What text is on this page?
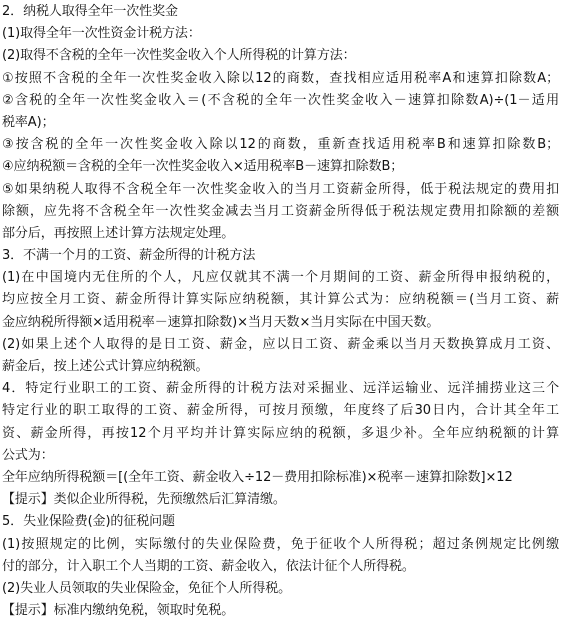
2．纳税人取得全年一次性奖金
(1)取得全年一次性资金计税方法：
(2)取得不含税的全年一次性奖金收入个人所得税的计算方法：
①按照不含税的全年一次性奖金收入除以12的商数，查找相应适用税率A和速算扣除数A；
②含税的全年一次性奖金收入＝(不含税的全年一次性奖金收入－速算扣除数A)÷(1－适用
税率A)；
③按含税的全年一次性奖金收入除以12的商数，重新查找适用税率B和速算扣除数B；
④应纳税额＝含税的全年一次性奖金收入×适用税率B－速算扣除数B；
⑤如果纳税人取得不含税全年一次性奖金收入的当月工资薪金所得，低于税法规定的费用扣
除额，应先将不含税全年一次性奖金减去当月工资薪金所得低于税法规定费用扣除额的差额
部分后，再按照上述计算方法规定处理。
3．不满一个月的工资、薪金所得的计税方法
(1)在中国境内无住所的个人，凡应仅就其不满一个月期间的工资、薪金所得申报纳税的，
均应按全月工资、薪金所得计算实际应纳税额，其计算公式为：应纳税额＝(当月工资、薪
金应纳税所得额×适用税率－速算扣除数)×当月天数×当月实际在中国天数。
(2)如果上述个人取得的是日工资、薪金，应以日工资、薪金乘以当月天数换算成月工资、
薪金后，按上述公式计算应纳税额。
4．特定行业职工的工资、薪金所得的计税方法对采掘业、远洋运输业、远洋捕捞业这三个
特定行业的职工取得的工资、薪金所得，可按月预缴，年度终了后30日内，合计其全年工
资、薪金所得，再按12个月平均并计算实际应纳的税额，多退少补。全年应纳税额的计算
公式为：
全年应纳所得税额＝[(全年工资、薪金收入÷12－费用扣除标准)×税率－速算扣除数]×12
【提示】类似企业所得税，先预缴然后汇算清缴。
5．失业保险费(金)的征税问题
(1)按照规定的比例，实际缴付的失业保险费，免于征收个人所得税；超过条例规定比例缴
付的部分，计入职工个人当期的工资、薪金收入，依法计征个人所得税。
(2)失业人员领取的失业保险金，免征个人所得税。
【提示】标准内缴纳免税，领取时免税。
